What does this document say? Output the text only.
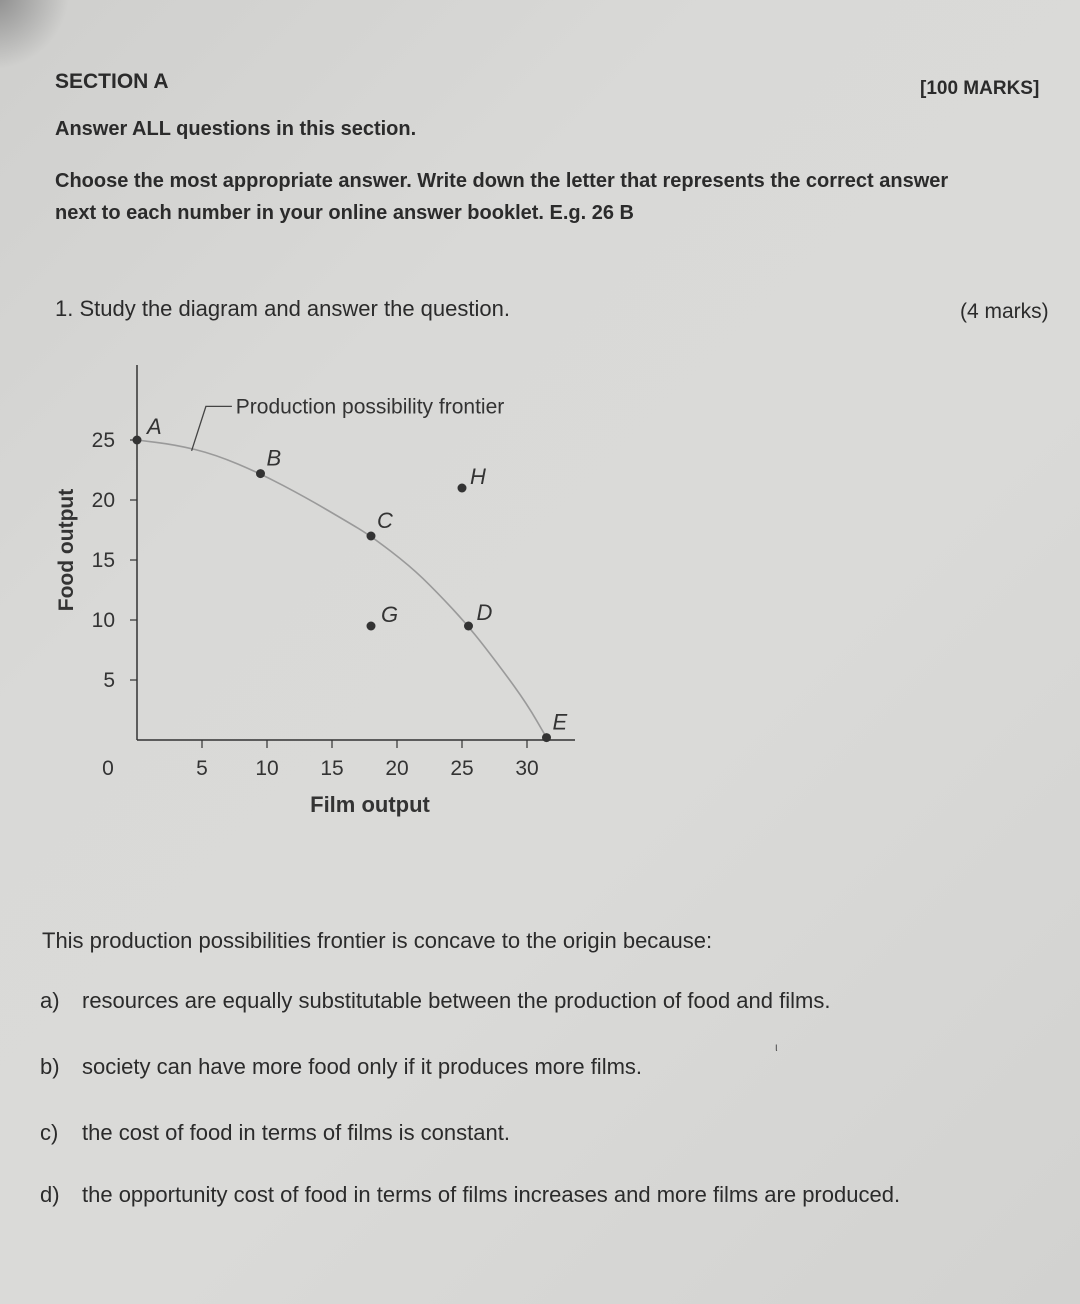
SECTION A	[100 MARKS]
Answer ALL questions in this section.
Choose the most appropriate answer. Write down the letter that represents the correct answer
next to each number in your online answer booklet. E.g. 26 B
1. Study the diagram and answer the question.	(4 marks)
0	5 10 15 20 25 30
5
10
15
20
25
Film output
Food output
Production possibility frontier
A
B
C
D
E
G
H
This production possibilities frontier is concave to the origin because:
a) resources are equally substitutable between the production of food and films.
b) society can have more food only if it produces more films.
c) the cost of food in terms of films is constant.
d) the opportunity cost of food in terms of films increases and more films are produced.
ι
